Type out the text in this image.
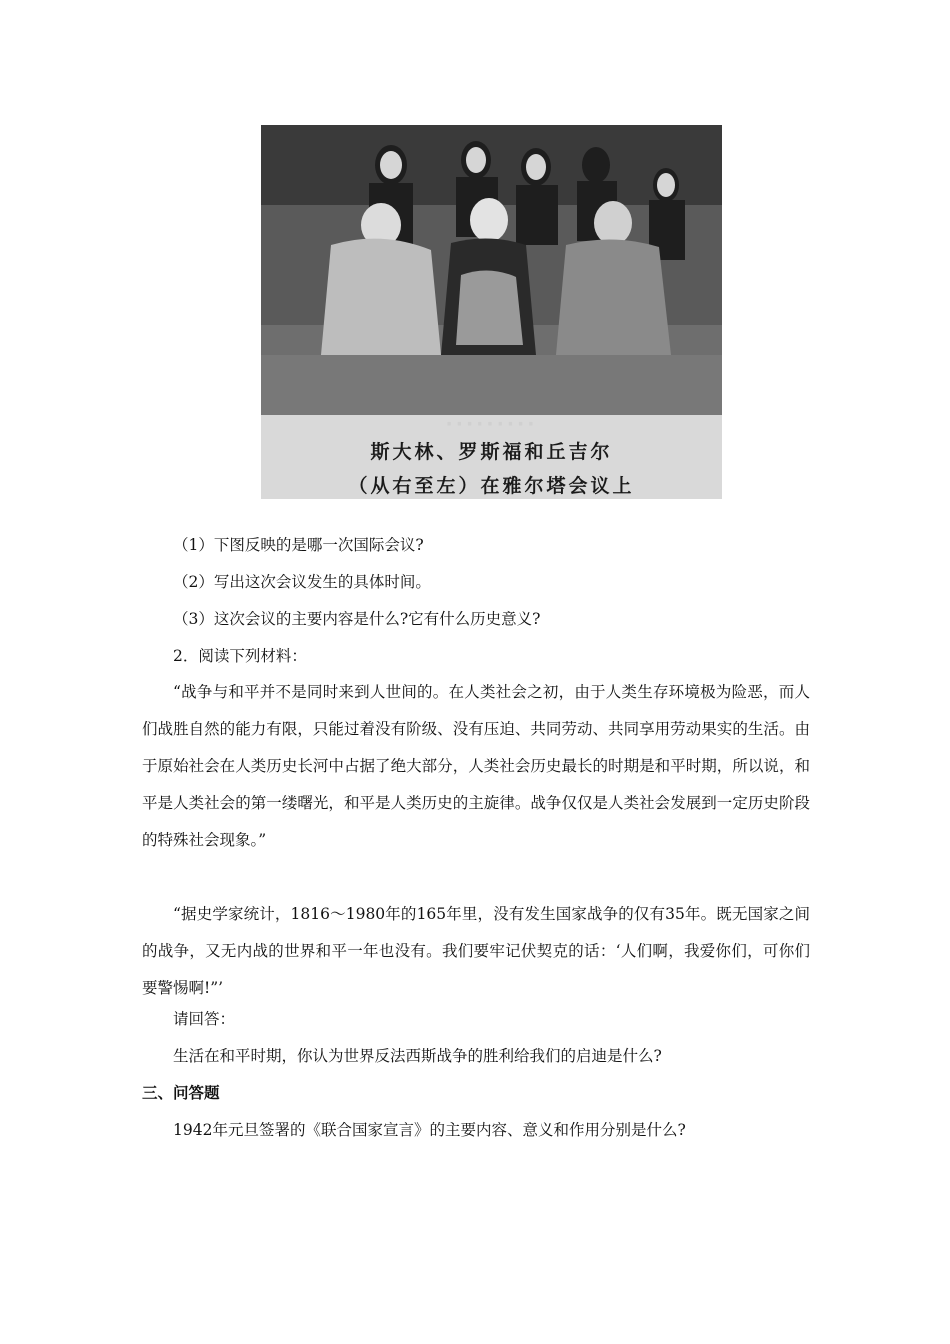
·········
斯大林、罗斯福和丘吉尔
（从右至左）在雅尔塔会议上
（1）下图反映的是哪一次国际会议?
（2）写出这次会议发生的具体时间。
（3）这次会议的主要内容是什么?它有什么历史意义?
2．阅读下列材料：
“战争与和平并不是同时来到人世间的。在人类社会之初，由于人类生存环境极为险恶，而人们战胜自然的能力有限，只能过着没有阶级、没有压迫、共同劳动、共同享用劳动果实的生活。由于原始社会在人类历史长河中占据了绝大部分，人类社会历史最长的时期是和平时期，所以说，和平是人类社会的第一缕曙光，和平是人类历史的主旋律。战争仅仅是人类社会发展到一定历史阶段的特殊社会现象。”
“据史学家统计，1816～1980年的165年里，没有发生国家战争的仅有35年。既无国家之间的战争，又无内战的世界和平一年也没有。我们要牢记伏契克的话：‘人们啊，我爱你们，可你们要警惕啊!”’
请回答：
生活在和平时期，你认为世界反法西斯战争的胜利给我们的启迪是什么?
三、问答题
1942年元旦签署的《联合国家宣言》的主要内容、意义和作用分别是什么?
